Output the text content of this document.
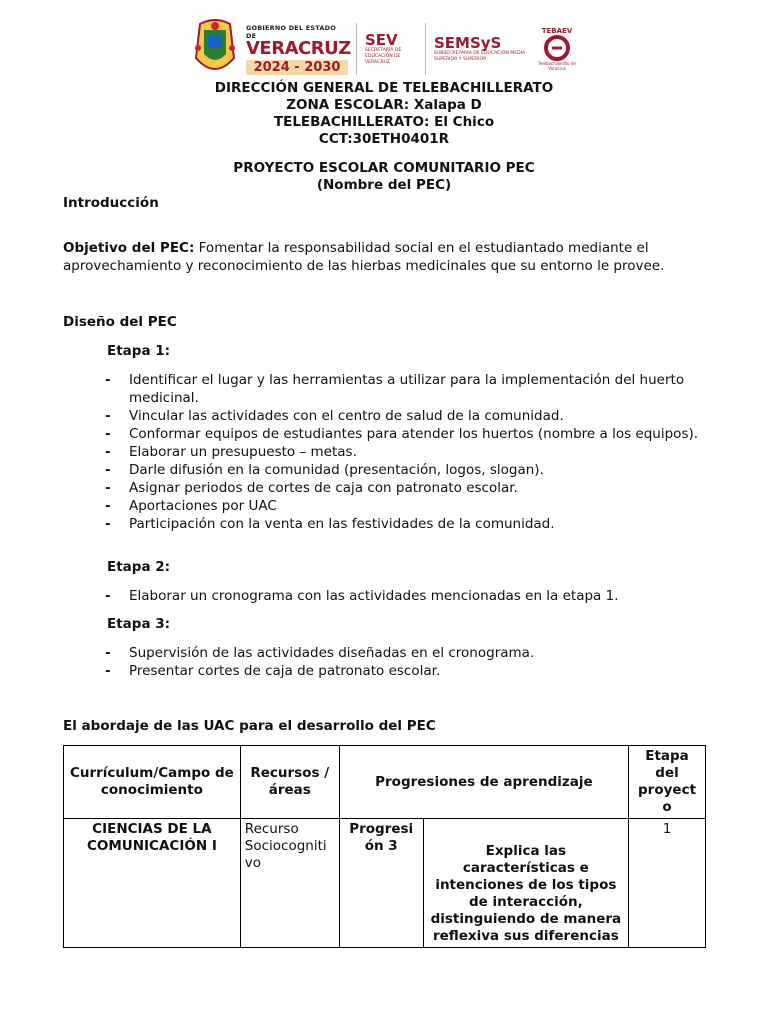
GOBIERNO DEL ESTADO DE
VERACRUZ
2024 - 2030
SEV
SECRETARÍA DE EDUCACIÓN DE VERACRUZ
SEMSyS
SUBSECRETARÍA DE EDUCACIÓN MEDIA SUPERIOR Y SUPERIOR
TEBAEV
Telebachillerato de Veracruz
DIRECCIÓN GENERAL DE TELEBACHILLERATO
ZONA ESCOLAR: Xalapa D
TELEBACHILLERATO: El Chico
CCT:30ETH0401R
PROYECTO ESCOLAR COMUNITARIO PEC
(Nombre del PEC)
Introducción
Objetivo del PEC: Fomentar la responsabilidad social en el estudiantado mediante el aprovechamiento y reconocimiento de las hierbas medicinales que su entorno le provee.
Diseño del PEC
Etapa 1:
- Identificar el lugar y las herramientas a utilizar para la implementación del huerto medicinal.
- Vincular las actividades con el centro de salud de la comunidad.
- Conformar equipos de estudiantes para atender los huertos (nombre a los equipos).
- Elaborar un presupuesto – metas.
- Darle difusión en la comunidad (presentación, logos, slogan).
- Asignar periodos de cortes de caja con patronato escolar.
- Aportaciones por UAC
- Participación con la venta en las festividades de la comunidad.
Etapa 2:
- Elaborar un cronograma con las actividades mencionadas en la etapa 1.
Etapa 3:
- Supervisión de las actividades diseñadas en el cronograma.
- Presentar cortes de caja de patronato escolar.
El abordaje de las UAC para el desarrollo del PEC
Currículum/Campo de conocimiento	Recursos / áreas	Progresiones de aprendizaje		Etapa del proyect o
CIENCIAS DE LA COMUNICACIÓN I	Recurso Sociocogniti vo	Progresi ón 3	Explica las características e intenciones de los tipos de interacción, distinguiendo de manera reflexiva sus diferencias	1
